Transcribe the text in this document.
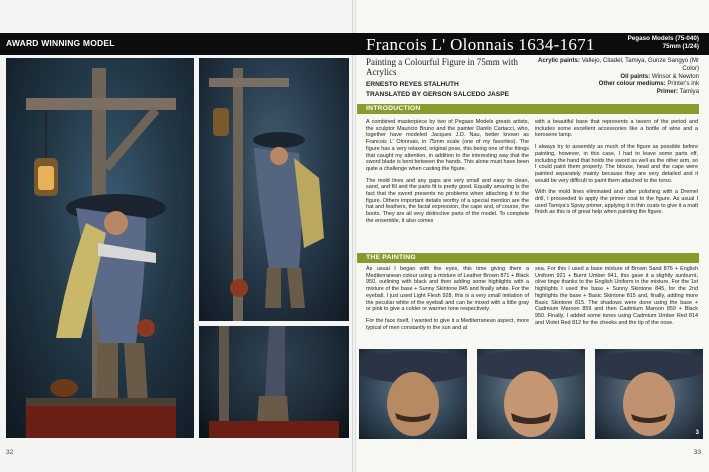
AWARD WINNING MODEL	Francois L' Olonnais 1634-1671	Pegaso Models (75-040)
75mm (1/24)
Painting a Colourful Figure in 75mm with Acrylics
Acrylic paints: Vallejo, Citadel, Tamiya, Gunze Sangyo (Mr Color)
Oil paints: Winsor & Newton
Other colour mediums: Printer's ink
Primer: Tamiya
ERNESTO REYES STALHUTH
TRANSLATED BY GERSON SALCEDO JASPE
INTRODUCTION

A combined masterpiece by two of Pegaso Models greats artists, the sculptor Mauricio Bruno and the painter Danilo Cartacci, who, together have modeled Jacques J.D. Nau, better known as Francois L' Olonnais, in 75mm scale (one of my favorites). The figure has a very relaxed, original pose, this being one of the things that caught my attention, in addition to the interesting way that the sword blade is bent between the hands. This alone must have been quite a challenge when casting the figure.

The mold lines and any gaps are very small and easy to clean, sand, and fill and the parts fit is pretty good. Equally amazing is the fact that the sword presents no problems when attaching it to the figure. Others important details worthy of a special mention are the hat and feathers, the facial expression, the cape and, of course, the boots. They are all very distinctive parts of the model. To complete the ensemble, it also comes

with a beautiful base that represents a tavern of the period and includes some excellent accessories like a bottle of wine and a kerosene lamp.

I always try to assembly as much of the figure as possible before painting, however, in this case, I had to leave some parts off, including the hand that holds the sword as well as the other arm, so I could paint them properly. The blouse, head and the cape were painted separately mainly because they are very detailed and it would be very difficult to paint them attached to the torso.

With the mold lines eliminated and after polishing with a Dremel drill, I proceeded to apply the primer coat to the figure. As usual I used Tamiya's Spray primer, applying it in thin coats to give it a matt finish as this is of great help when painting the figure.

THE PAINTING

As usual I began with the eyes, this time giving them a Mediterranean colour using a mixture of Leather Brown 871 + Black 950, outlining with black and then adding some highlights with a mixture of the base + Sunny Skintone 845 and finally white. For the eyeball, I just used Light Flesh 928, this is a very small imitation of the peculiar white of the eyeball and can be mixed with a little gray or pink to give a colder or warmer tone respectively.

For the face itself, I wanted to give it a Mediterranean aspect, more typical of men constantly in the sun and at

sea. For this I used a base mixture of Brown Sand 876 + English Uniform 921 + Burnt Umber 941, this gave it a slightly sunburnt, olive tinge thanks to the English Uniform in the mixture. For the 1st highlights I used the base + Sunny Skintone 845, for the 2nd highlights the base + Basic Skintone 815 and, finally, adding more Basic Skintone 815. The shadows were done using the base + Cadmium Maroon 859 and then Cadmium Maroon 859 + Black 950. Finally, I added some tones using Cadmium Umber Red 814 and Violet Red 812 for the cheeks and the tip of the nose.

3
32	33
